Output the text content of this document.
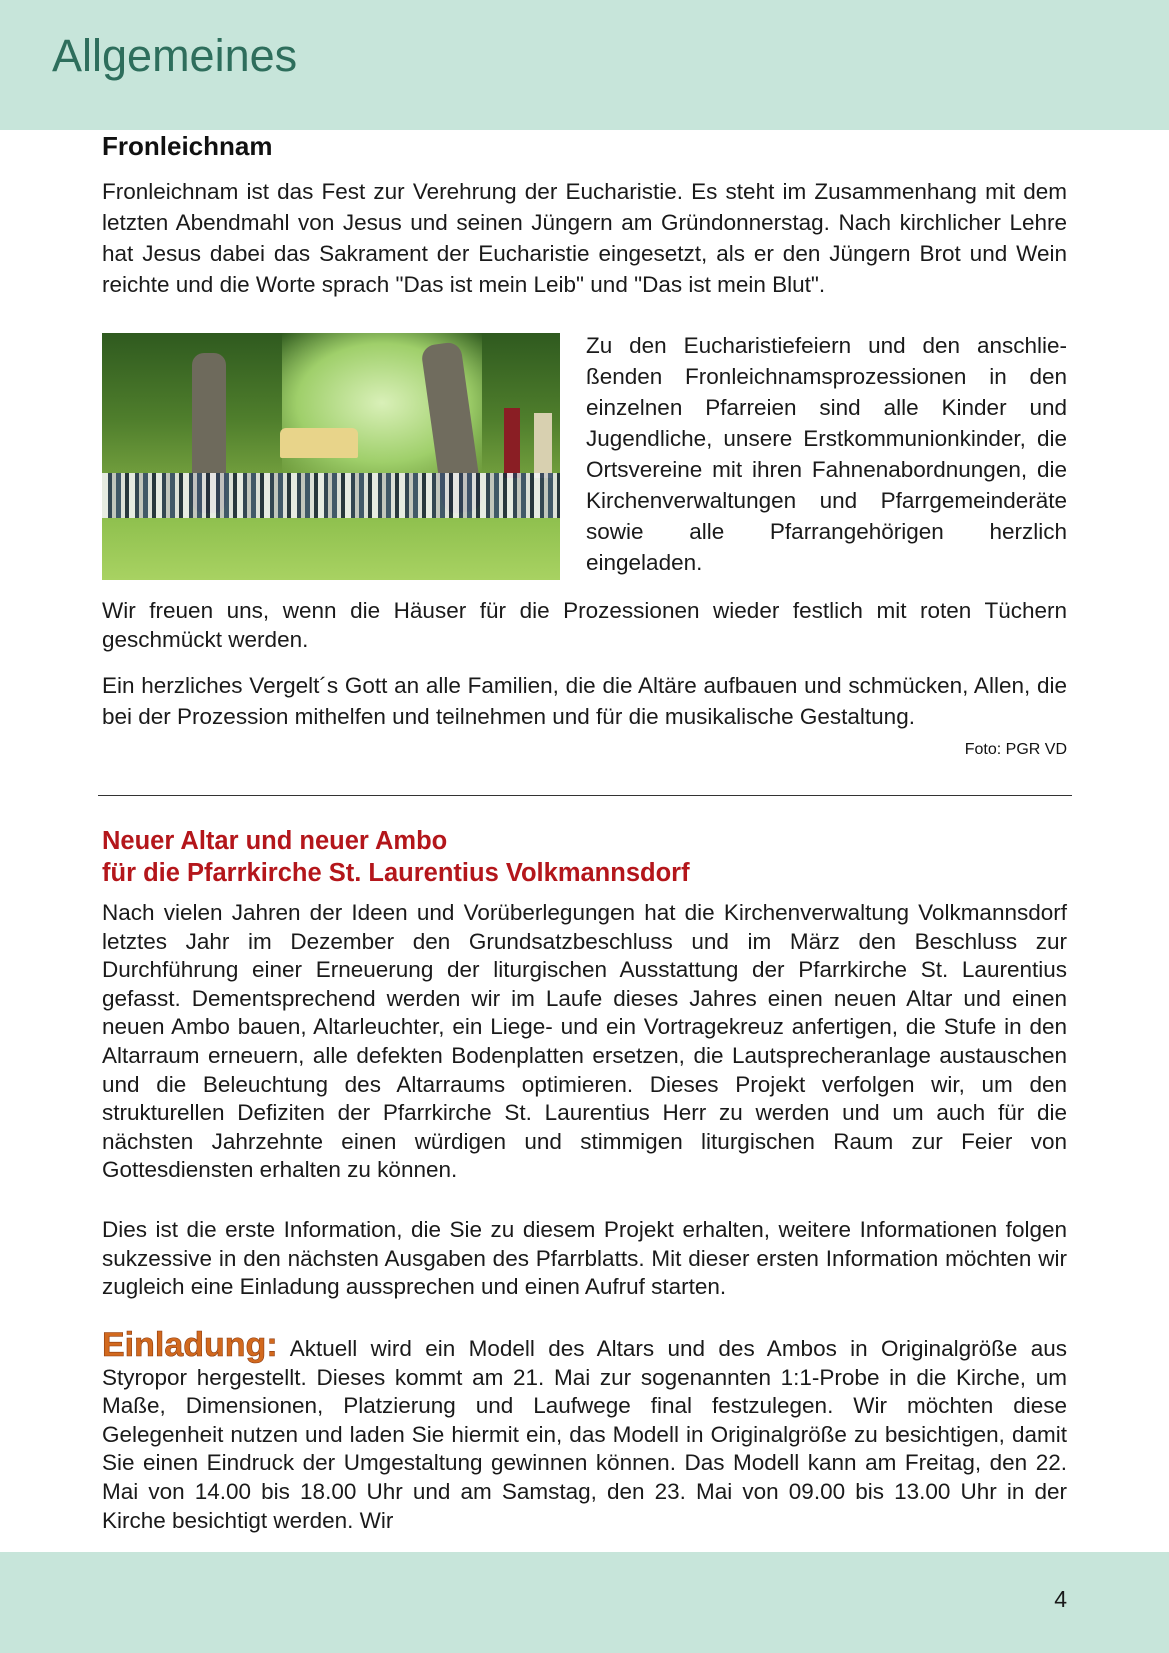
Allgemeines
Fronleichnam

Fronleichnam ist das Fest zur Verehrung der Eucharistie. Es steht im Zusammenhang mit dem letzten Abendmahl von Jesus und seinen Jüngern am Gründonnerstag. Nach kirchlicher Lehre hat Jesus dabei das Sakrament der Eucharistie eingesetzt, als er den Jüngern Brot und Wein reichte und die Worte sprach "Das ist mein Leib" und "Das ist mein Blut".

Zu den Eucharistiefeiern und den anschließenden Fronleichnamsprozessionen in den einzelnen Pfarreien sind alle Kinder und Jugendliche, unsere Erstkommunionkinder, die Ortsvereine mit ihren Fahnenabordnungen, die Kirchenverwaltungen und Pfarrgemeinderäte sowie alle Pfarrangehörigen herzlich eingeladen.

Wir freuen uns, wenn die Häuser für die Prozessionen wieder festlich mit roten Tüchern geschmückt werden.

Ein herzliches Vergelt´s Gott an alle Familien, die die Altäre aufbauen und schmücken, Allen, die bei der Prozession mithelfen und teilnehmen und für die musikalische Gestaltung.

Foto: PGR VD
Neuer Altar und neuer Ambo
für die Pfarrkirche St. Laurentius Volkmannsdorf

Nach vielen Jahren der Ideen und Vorüberlegungen hat die Kirchenverwaltung Volkmannsdorf letztes Jahr im Dezember den Grundsatzbeschluss und im März den Beschluss zur Durchführung einer Erneuerung der liturgischen Ausstattung der Pfarrkirche St. Laurentius gefasst. Dementsprechend werden wir im Laufe dieses Jahres einen neuen Altar und einen neuen Ambo bauen, Altarleuchter, ein Liege- und ein Vortragekreuz anfertigen, die Stufe in den Altarraum erneuern, alle defekten Bodenplatten ersetzen, die Lautsprecheranlage austauschen und die Beleuchtung des Altarraums optimieren. Dieses Projekt verfolgen wir, um den strukturellen Defiziten der Pfarrkirche St. Laurentius Herr zu werden und um auch für die nächsten Jahrzehnte einen würdigen und stimmigen liturgischen Raum zur Feier von Gottesdiensten erhalten zu können.

Dies ist die erste Information, die Sie zu diesem Projekt erhalten, weitere Informationen folgen sukzessive in den nächsten Ausgaben des Pfarrblatts. Mit dieser ersten Information möchten wir zugleich eine Einladung aussprechen und einen Aufruf starten.

Einladung: Aktuell wird ein Modell des Altars und des Ambos in Originalgröße aus Styropor hergestellt. Dieses kommt am 21. Mai zur sogenannten 1:1-Probe in die Kirche, um Maße, Dimensionen, Platzierung und Laufwege final festzulegen. Wir möchten diese Gelegenheit nutzen und laden Sie hiermit ein, das Modell in Originalgröße zu besichtigen, damit Sie einen Eindruck der Umgestaltung gewinnen können. Das Modell kann am Freitag, den 22. Mai von 14.00 bis 18.00 Uhr und am Samstag, den 23. Mai von 09.00 bis 13.00 Uhr in der Kirche besichtigt werden. Wir

4
